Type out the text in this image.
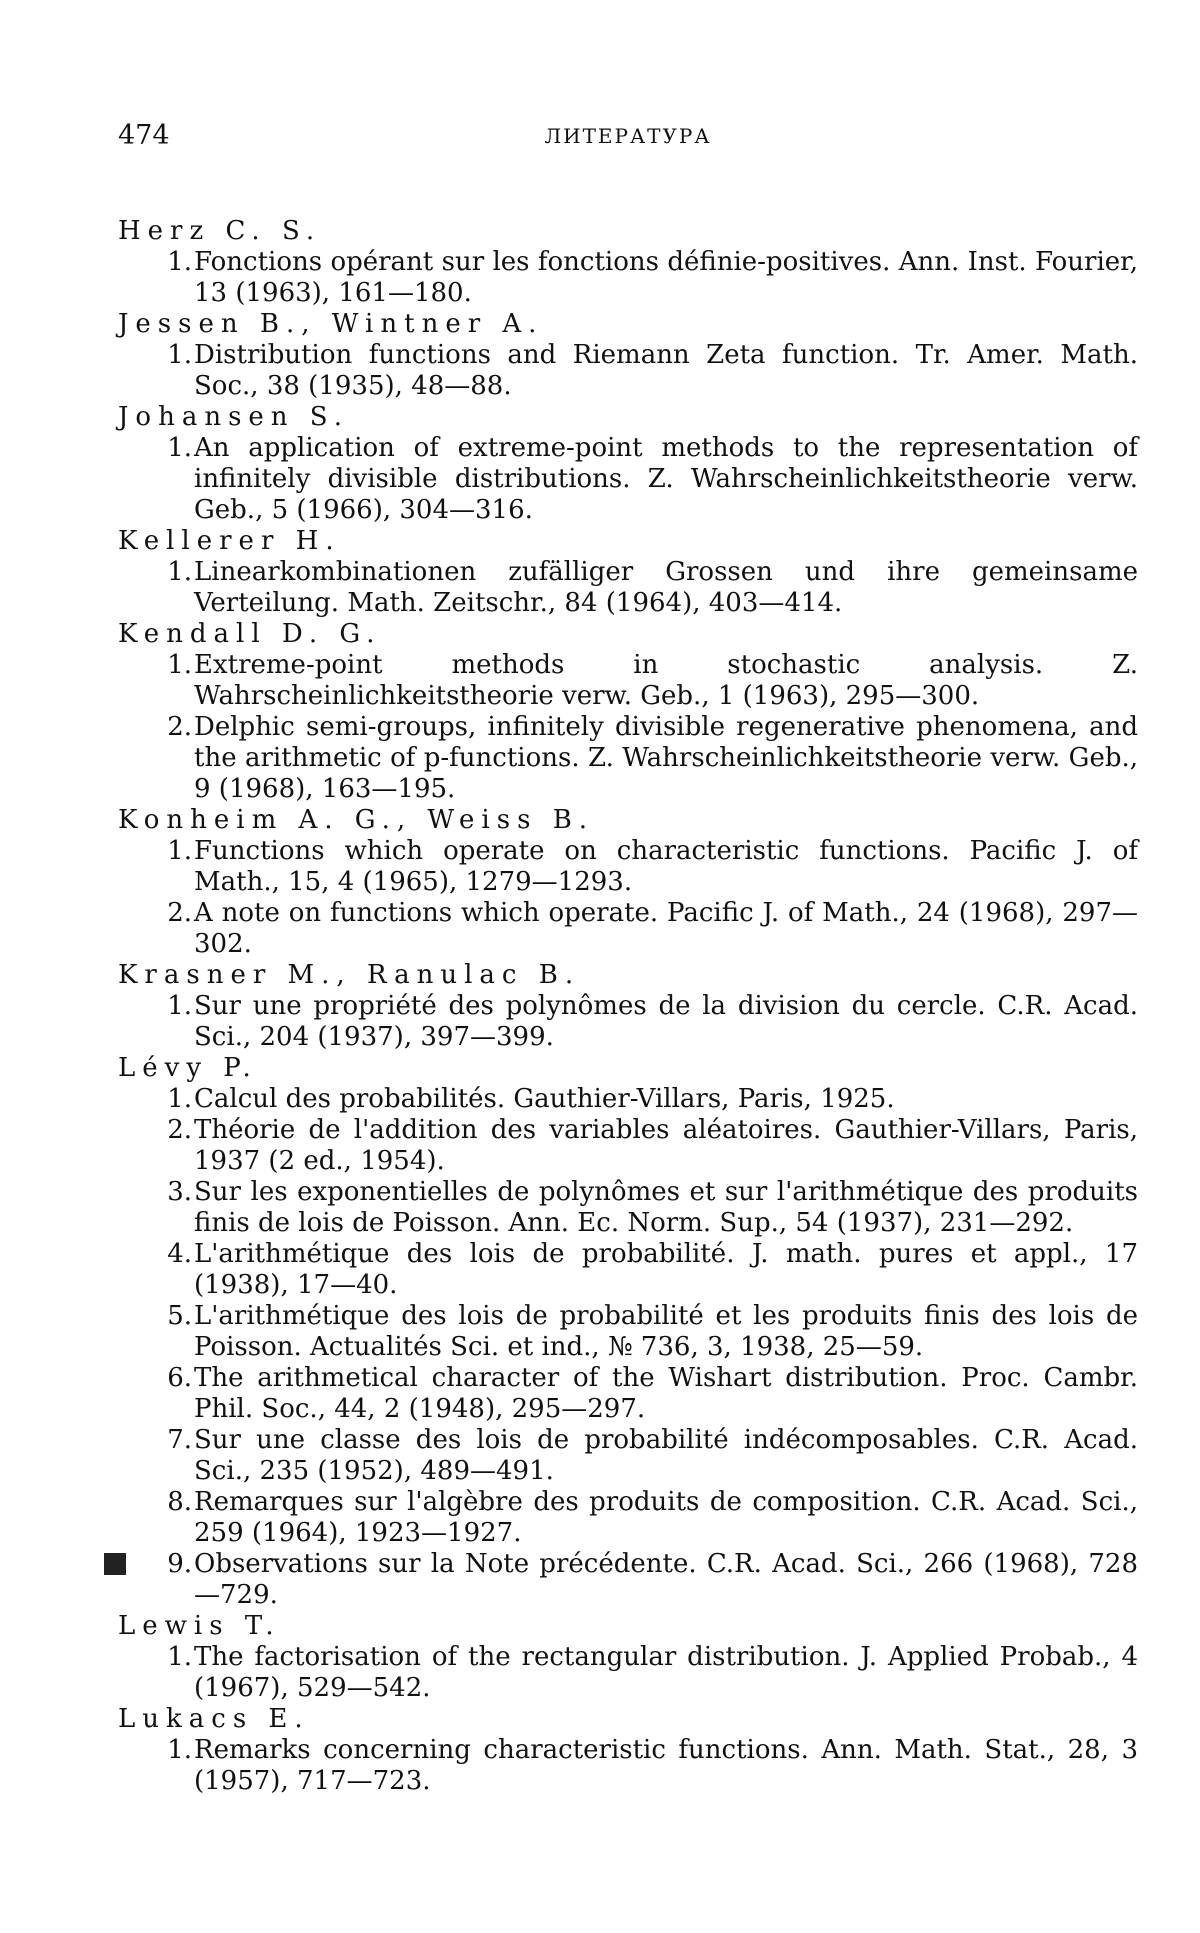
474	ЛИТЕРАТУРА
Herz C. S.
1. Fonctions opérant sur les fonctions définie-positives. Ann. Inst. Fourier, 13 (1963), 161—180.
Jessen B., Wintner A.
1. Distribution functions and Riemann Zeta function. Tr. Amer. Math. Soc., 38 (1935), 48—88.
Johansen S.
1. An application of extreme-point methods to the representation of infinitely divisible distributions. Z. Wahrscheinlichkeitstheorie verw. Geb., 5 (1966), 304—316.
Kellerer H.
1. Linearkombinationen zufälliger Grossen und ihre gemeinsame Verteilung. Math. Zeitschr., 84 (1964), 403—414.
Kendall D. G.
1. Extreme-point methods in stochastic analysis. Z. Wahrscheinlichkeitstheorie verw. Geb., 1 (1963), 295—300.
2. Delphic semi-groups, infinitely divisible regenerative phenomena, and the arithmetic of p-functions. Z. Wahrscheinlichkeitstheorie verw. Geb., 9 (1968), 163—195.
Konheim A. G., Weiss B.
1. Functions which operate on characteristic functions. Pacific J. of Math., 15, 4 (1965), 1279—1293.
2. A note on functions which operate. Pacific J. of Math., 24 (1968), 297—302.
Krasner M., Ranulac B.
1. Sur une propriété des polynômes de la division du cercle. C.R. Acad. Sci., 204 (1937), 397—399.
Lévy P.
1. Calcul des probabilités. Gauthier-Villars, Paris, 1925.
2. Théorie de l'addition des variables aléatoires. Gauthier-Villars, Paris, 1937 (2 ed., 1954).
3. Sur les exponentielles de polynômes et sur l'arithmétique des produits finis de lois de Poisson. Ann. Ec. Norm. Sup., 54 (1937), 231—292.
4. L'arithmétique des lois de probabilité. J. math. pures et appl., 17 (1938), 17—40.
5. L'arithmétique des lois de probabilité et les produits finis des lois de Poisson. Actualités Sci. et ind., № 736, 3, 1938, 25—59.
6. The arithmetical character of the Wishart distribution. Proc. Cambr. Phil. Soc., 44, 2 (1948), 295—297.
7. Sur une classe des lois de probabilité indécomposables. C.R. Acad. Sci., 235 (1952), 489—491.
8. Remarques sur l'algèbre des produits de composition. C.R. Acad. Sci., 259 (1964), 1923—1927.
9. Observations sur la Note précédente. C.R. Acad. Sci., 266 (1968), 728—729.
Lewis T.
1. The factorisation of the rectangular distribution. J. Applied Probab., 4 (1967), 529—542.
Lukacs E.
1. Remarks concerning characteristic functions. Ann. Math. Stat., 28, 3 (1957), 717—723.
